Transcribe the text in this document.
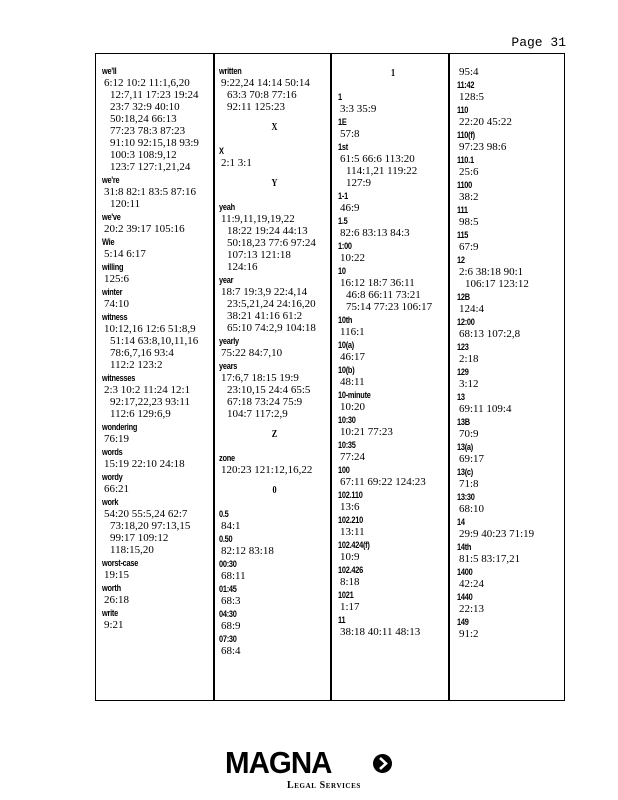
Page 31
we'll
6:12 10:2 11:1,6,20
12:7,11 17:23 19:24
23:7 32:9 40:10
50:18,24 66:13
77:23 78:3 87:23
91:10 92:15,18 93:9
100:3 108:9,12
123:7 127:1,21,24
we're
31:8 82:1 83:5 87:16
120:11
we've
20:2 39:17 105:16
Wie
5:14 6:17
willing
125:6
winter
74:10
witness
10:12,16 12:6 51:8,9
51:14 63:8,10,11,16
78:6,7,16 93:4
112:2 123:2
witnesses
2:3 10:2 11:24 12:1
92:17,22,23 93:11
112:6 129:6,9
wondering
76:19
words
15:19 22:10 24:18
wordy
66:21
work
54:20 55:5,24 62:7
73:18,20 97:13,15
99:17 109:12
118:15,20
worst-case
19:15
worth
26:18
write
9:21
written
9:22,24 14:14 50:14
63:3 70:8 77:16
92:11 125:23
X
X
2:1 3:1
Y
yeah
11:9,11,19,19,22
18:22 19:24 44:13
50:18,23 77:6 97:24
107:13 121:18
124:16
year
18:7 19:3,9 22:4,14
23:5,21,24 24:16,20
38:21 41:16 61:2
65:10 74:2,9 104:18
yearly
75:22 84:7,10
years
17:6,7 18:15 19:9
23:10,15 24:4 65:5
67:18 73:24 75:9
104:7 117:2,9
Z
zone
120:23 121:12,16,22
0
0.5
84:1
0.50
82:12 83:18
00:30
68:11
01:45
68:3
04:30
68:9
07:30
68:4
1
1
3:3 35:9
1E
57:8
1st
61:5 66:6 113:20
114:1,21 119:22
127:9
1-1
46:9
1.5
82:6 83:13 84:3
1:00
10:22
10
16:12 18:7 36:11
46:8 66:11 73:21
75:14 77:23 106:17
10th
116:1
10(a)
46:17
10(b)
48:11
10-minute
10:20
10:30
10:21 77:23
10:35
77:24
100
67:11 69:22 124:23
102.110
13:6
102.210
13:11
102.424(f)
10:9
102.426
8:18
1021
1:17
11
38:18 40:11 48:13
95:4
11:42
128:5
110
22:20 45:22
110(f)
97:23 98:6
110.1
25:6
1100
38:2
111
98:5
115
67:9
12
2:6 38:18 90:1
106:17 123:12
12B
124:4
12:00
68:13 107:2,8
123
2:18
129
3:12
13
69:11 109:4
13B
70:9
13(a)
69:17
13(c)
71:8
13:30
68:10
14
29:9 40:23 71:19
14th
81:5 83:17,21
1400
42:24
1440
22:13
149
91:2
MAGNA
Legal Services
